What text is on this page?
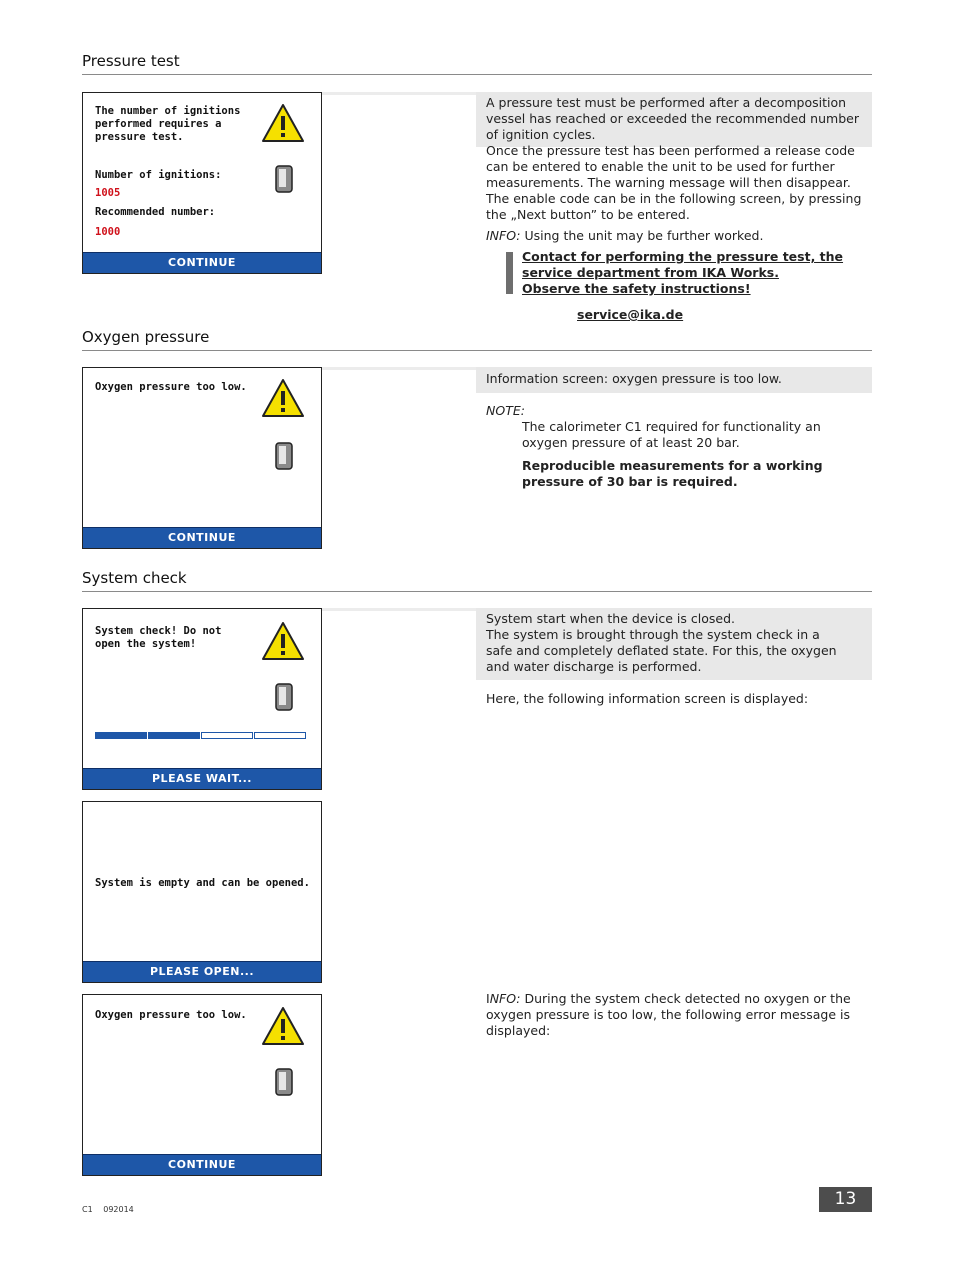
Pressure test
The number of ignitions
performed requires a
pressure test.
Number of ignitions:
1005
Recommended number:
1000
CONTINUE
A pressure test must be performed after a decomposition vessel has reached or exceeded the recommended number of ignition cycles.
Once the pressure test has been performed a release code can be entered to enable the unit to be used for further measurements. The warning message will then disappear. The enable code can be in the following screen, by pressing the „Next button” to be entered.
INFO: Using the unit may be further worked.
Contact for performing the pressure test, the
service department from IKA Works.
Observe the safety instructions!
service@ika.de
Oxygen pressure
Oxygen pressure too low.
CONTINUE
Information screen: oxygen pressure is too low.
NOTE:
The calorimeter C1 required for functionality an oxygen pressure of at least 20 bar.
Reproducible measurements for a working pressure of 30 bar is required.
System check
System check! Do not
open the system!
PLEASE WAIT...
System is empty and can be opened.
PLEASE OPEN...
Oxygen pressure too low.
CONTINUE
System start when the device is closed.
The system is brought through the system check in a safe and completely deflated state. For this, the oxygen and water discharge is performed.
Here, the following information screen is displayed:
INFO: During the system check detected no oxygen or the oxygen pressure is too low, the following error message is displayed:
C1 092014
13
